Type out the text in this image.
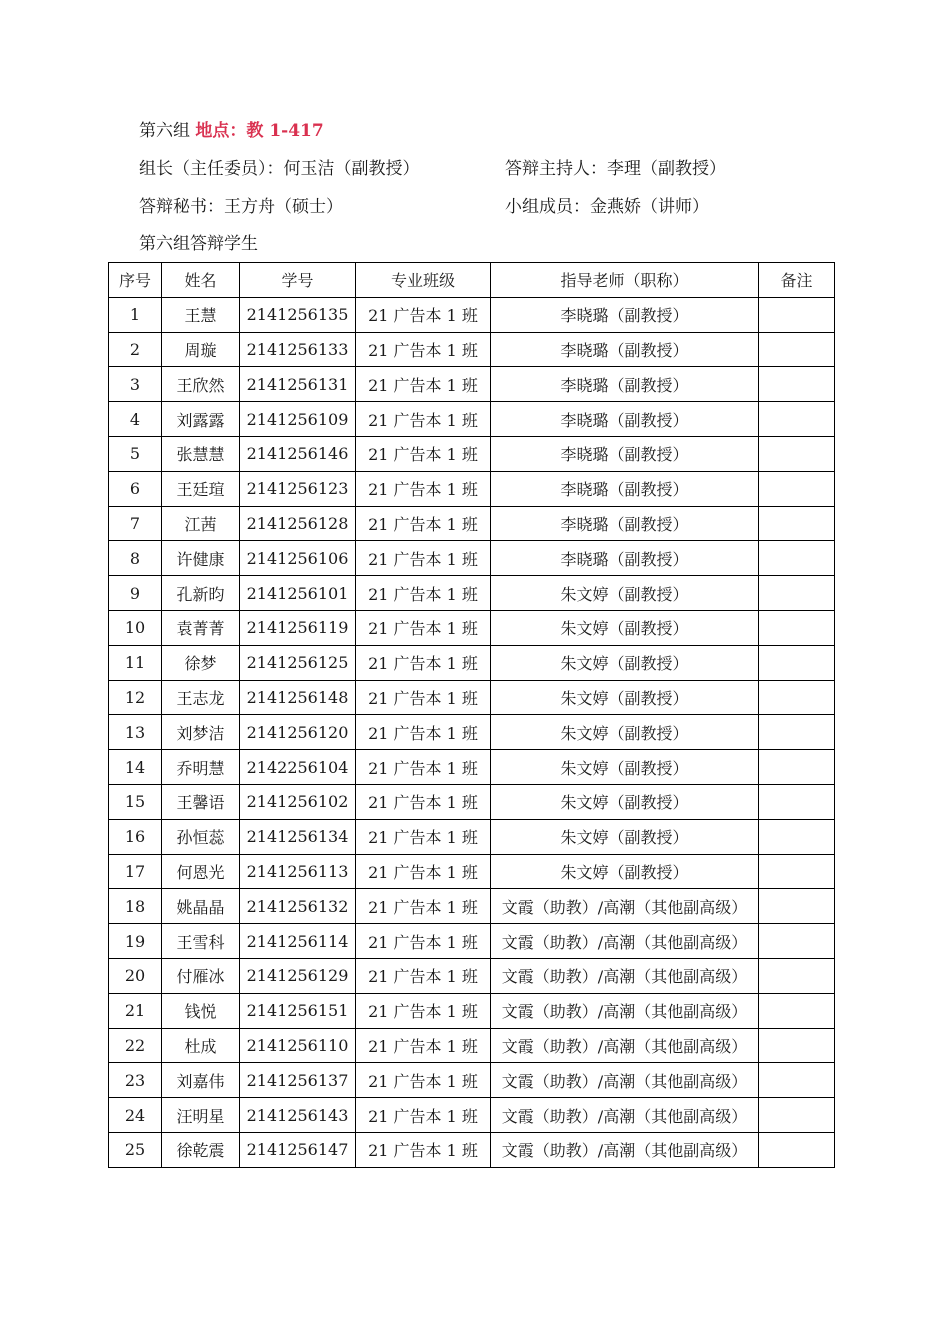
第六组 地点：教 1-417
组长（主任委员）：何玉洁（副教授）	答辩主持人：李理（副教授）
答辩秘书：王方舟（硕士）	小组成员：金燕娇（讲师）
第六组答辩学生
序号	姓名	学号	专业班级	指导老师（职称）	备注
1	王慧	2141256135	21 广告本 1 班	李晓璐（副教授）	
2	周璇	2141256133	21 广告本 1 班	李晓璐（副教授）	
3	王欣然	2141256131	21 广告本 1 班	李晓璐（副教授）	
4	刘露露	2141256109	21 广告本 1 班	李晓璐（副教授）	
5	张慧慧	2141256146	21 广告本 1 班	李晓璐（副教授）	
6	王廷瑄	2141256123	21 广告本 1 班	李晓璐（副教授）	
7	江茜	2141256128	21 广告本 1 班	李晓璐（副教授）	
8	许健康	2141256106	21 广告本 1 班	李晓璐（副教授）	
9	孔新昀	2141256101	21 广告本 1 班	朱文婷（副教授）	
10	袁菁菁	2141256119	21 广告本 1 班	朱文婷（副教授）	
11	徐梦	2141256125	21 广告本 1 班	朱文婷（副教授）	
12	王志龙	2141256148	21 广告本 1 班	朱文婷（副教授）	
13	刘梦洁	2141256120	21 广告本 1 班	朱文婷（副教授）	
14	乔明慧	2142256104	21 广告本 1 班	朱文婷（副教授）	
15	王馨语	2141256102	21 广告本 1 班	朱文婷（副教授）	
16	孙恒蕊	2141256134	21 广告本 1 班	朱文婷（副教授）	
17	何恩光	2141256113	21 广告本 1 班	朱文婷（副教授）	
18	姚晶晶	2141256132	21 广告本 1 班	文霞（助教）/高潮（其他副高级）	
19	王雪科	2141256114	21 广告本 1 班	文霞（助教）/高潮（其他副高级）	
20	付雁冰	2141256129	21 广告本 1 班	文霞（助教）/高潮（其他副高级）	
21	钱悦	2141256151	21 广告本 1 班	文霞（助教）/高潮（其他副高级）	
22	杜成	2141256110	21 广告本 1 班	文霞（助教）/高潮（其他副高级）	
23	刘嘉伟	2141256137	21 广告本 1 班	文霞（助教）/高潮（其他副高级）	
24	汪明星	2141256143	21 广告本 1 班	文霞（助教）/高潮（其他副高级）	
25	徐乾震	2141256147	21 广告本 1 班	文霞（助教）/高潮（其他副高级）	
